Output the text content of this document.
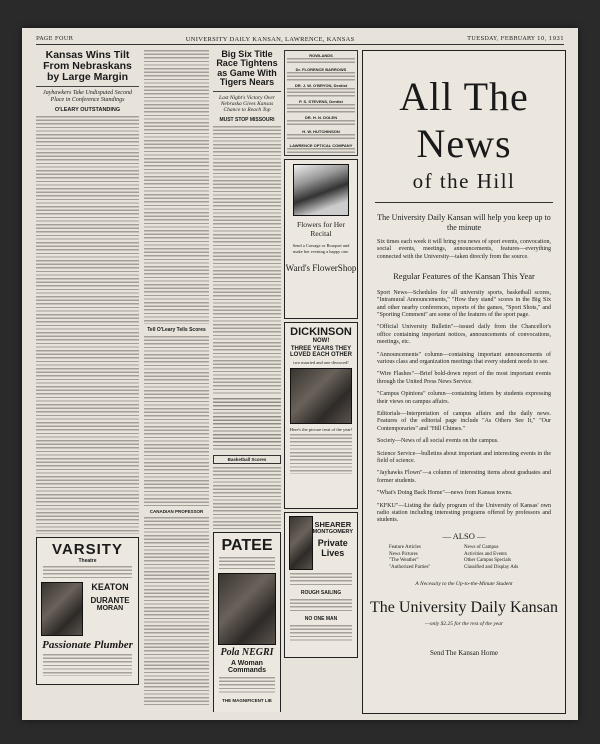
PAGE FOUR	UNIVERSITY DAILY KANSAN, LAWRENCE, KANSAS	TUESDAY, FEBRUARY 10, 1931
Kansas Wins Tilt From Nebraskans by Large Margin
Jayhawkers Take Undisputed Second Place in Conference Standings
O'LEARY OUTSTANDING
VARSITY
Theatre
KEATON
DURANTE
MORAN
Passionate Plumber
Tell O'Leary Tells Scores
CANADIAN PROFESSOR
Big Six Title Race Tightens as Game With Tigers Nears
Last Night's Victory Over Nebraska Gives Kansas Chance to Reach Top
MUST STOP MISSOURI
Basketball Scores
PATEE
Pola NEGRI
A Woman Commands
THE MAGNIFICENT LIE
ROWLANDS
Dr. FLORENCE BARROWS
DR. J. W. O'BRYON, Dentist
P. S. STEVENS, Dentist
DR. H. N. DOLEN
H. W. HUTCHINSON
LAWRENCE OPTICAL COMPANY
Flowers for Her Recital
Send a Corsage or Bouquet and make her evening a happy one.
Ward's FlowerShop
DICKINSON
NOW!
THREE YEARS THEY LOVED EACH OTHER
two married and one divorced!
Here's the picture treat of the year!
SHEARER
MONTGOMERY
Private Lives
ROUGH SAILING
NO ONE MAN
All The News
of the Hill
The University Daily Kansan will help you keep up to the minute
Six times each week it will bring you news of sport events, convocation, social events, meetings, announcements, features—everything connected with the University—taken directly from the source.
Regular Features of the Kansan This Year
Sport News—Schedules for all university sports, basketball scores, "Intramural Announcements," "How they stand" scores in the Big Six and other nearby conferences, reports of the games, "Sport Shots," and "Sporting Comment" are some of the features of the sport page.
"Official University Bulletin"—issued daily from the Chancellor's office containing important notices, announcements of convocations, meetings, etc.
"Announcements" column—containing important announcements of various class and organization meetings that every student needs to see.
"Wire Flashes"—Brief bold-down report of the most important events through the United Press News Service.
"Campus Opinions" column—containing letters by students expressing their views on campus affairs.
Editorials—Interpretation of campus affairs and the daily news. Features of the editorial page include "As Others See It," "Our Contemporaries" and "Hill Chimes."
Society—News of all social events on the campus.
Science Service—bulletins about important and interesting events in the field of science.
"Jayhawks Flown"—a column of interesting items about graduates and former students.
"What's Doing Back Home"—news from Kansas towns.
"KFKU"—Listing the daily program of the University of Kansas' own radio station including interesting programs offered by professors and students.
— ALSO —
Feature Articles
News Pictures
"The Weather"
"Authorized Parties"
News of Campus
Activities and Events
Other Campus Specials
Classified and Display Ads
A Necessity to the Up-to-the-Minute Student
The University Daily Kansan
—only $2.25 for the rest of the year
Send The Kansan Home
